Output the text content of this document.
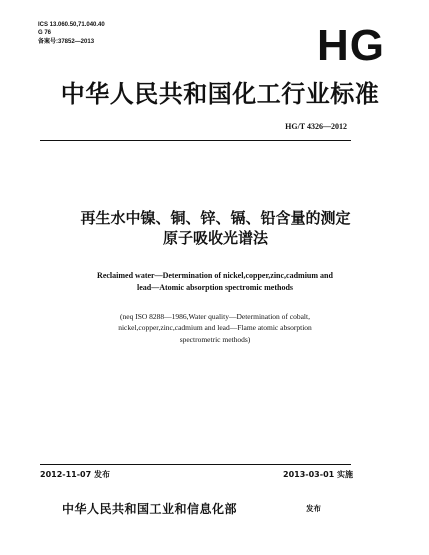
ICS 13.060.50,71.040.40
G 76
备案号:37852—2013	HG
中华人民共和国化工行业标准
HG/T 4326—2012
再生水中镍、铜、锌、镉、铅含量的测定
原子吸收光谱法
Reclaimed water—Determination of nickel,copper,zinc,cadmium and
lead—Atomic absorption spectromic methods
(neq ISO 8288—1986,Water quality—Determination of cobalt,
nickel,copper,zinc,cadmium and lead—Flame atomic absorption
spectrometric methods)
2012-11-07 发布	2013-03-01 实施
中华人民共和国工业和信息化部	发布
